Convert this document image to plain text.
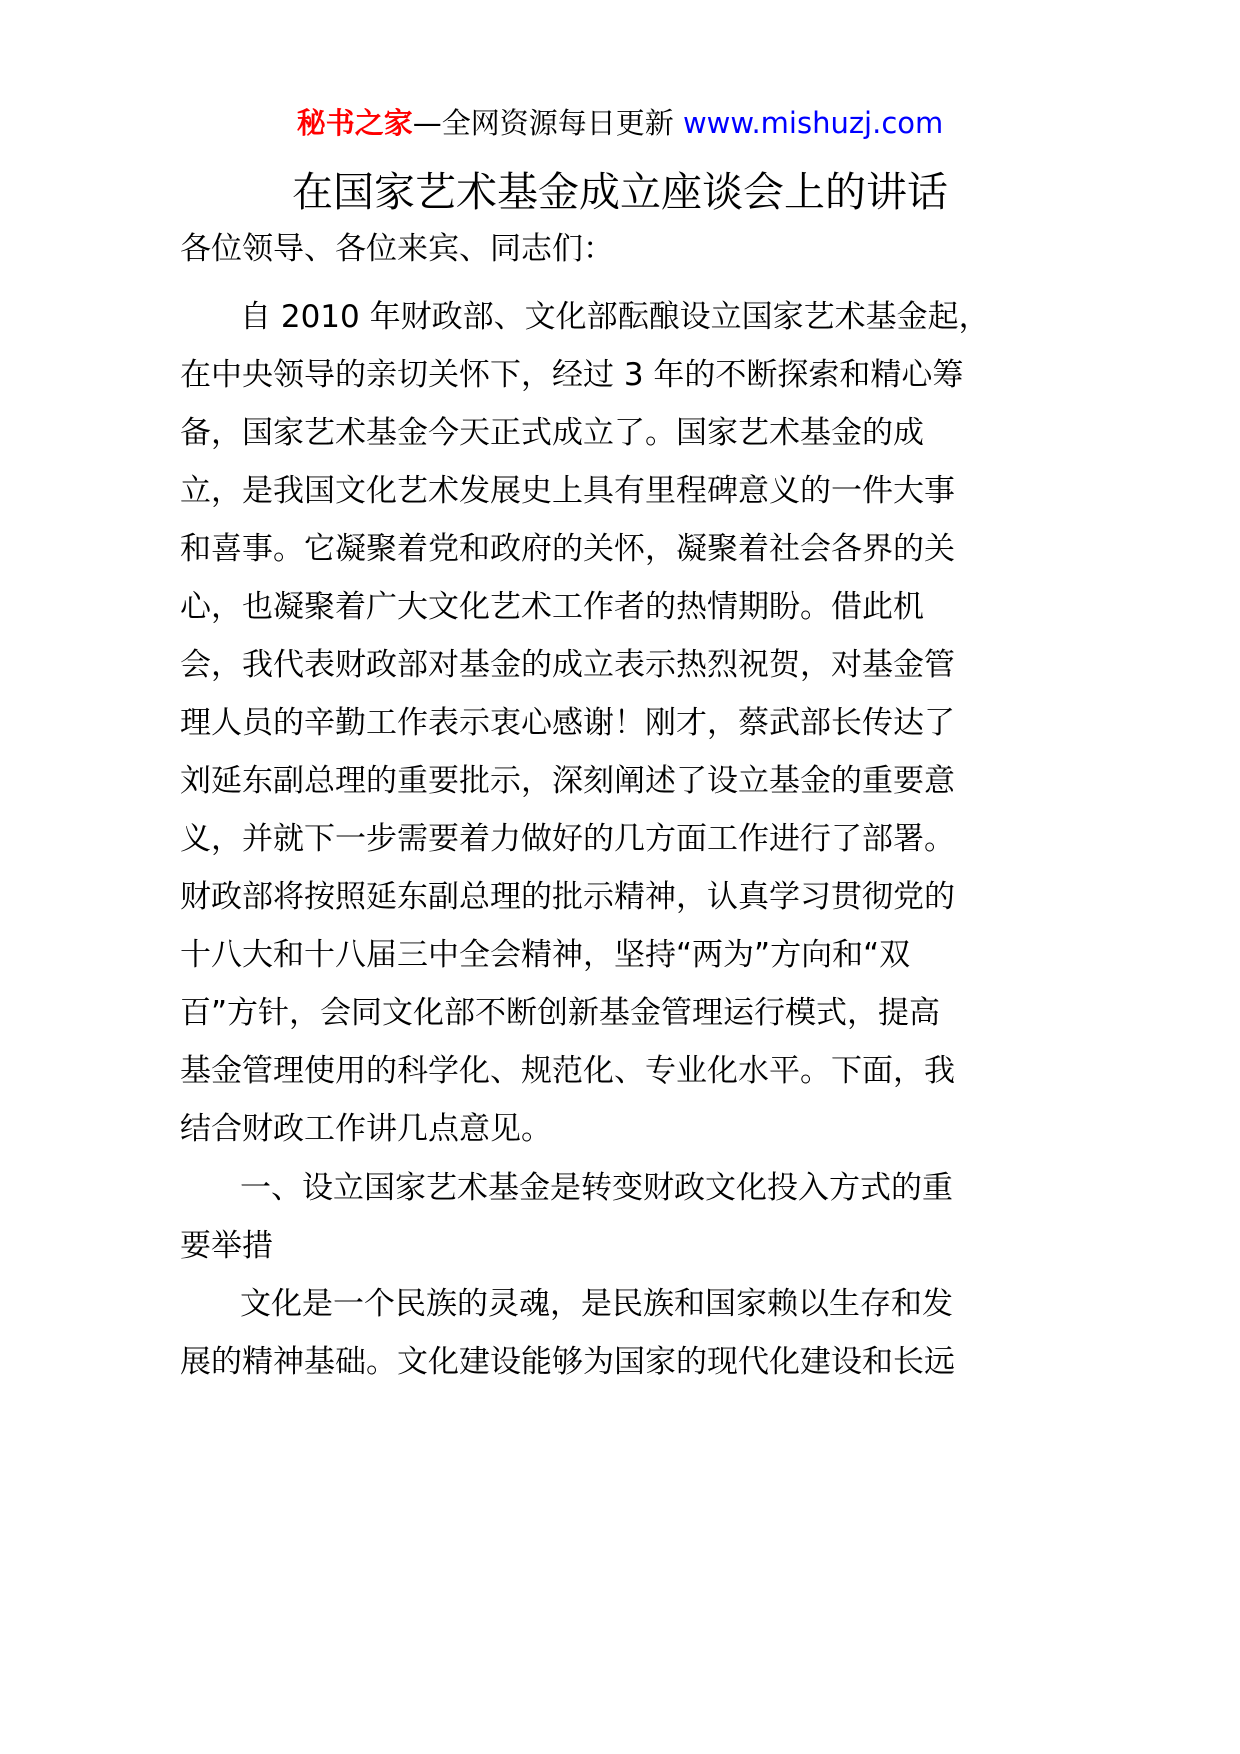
秘书之家—全网资源每日更新 www.mishuzj.com
在国家艺术基金成立座谈会上的讲话
各位领导、各位来宾、同志们：
自 2010 年财政部、文化部酝酿设立国家艺术基金起，
在中央领导的亲切关怀下，经过 3 年的不断探索和精心筹
备，国家艺术基金今天正式成立了。国家艺术基金的成
立，是我国文化艺术发展史上具有里程碑意义的一件大事
和喜事。它凝聚着党和政府的关怀，凝聚着社会各界的关
心，也凝聚着广大文化艺术工作者的热情期盼。借此机
会，我代表财政部对基金的成立表示热烈祝贺，对基金管
理人员的辛勤工作表示衷心感谢！刚才，蔡武部长传达了
刘延东副总理的重要批示，深刻阐述了设立基金的重要意
义，并就下一步需要着力做好的几方面工作进行了部署。
财政部将按照延东副总理的批示精神，认真学习贯彻党的
十八大和十八届三中全会精神，坚持“两为”方向和“双
百”方针，会同文化部不断创新基金管理运行模式，提高
基金管理使用的科学化、规范化、专业化水平。下面，我
结合财政工作讲几点意见。
一、设立国家艺术基金是转变财政文化投入方式的重
要举措
文化是一个民族的灵魂，是民族和国家赖以生存和发
展的精神基础。文化建设能够为国家的现代化建设和长远
